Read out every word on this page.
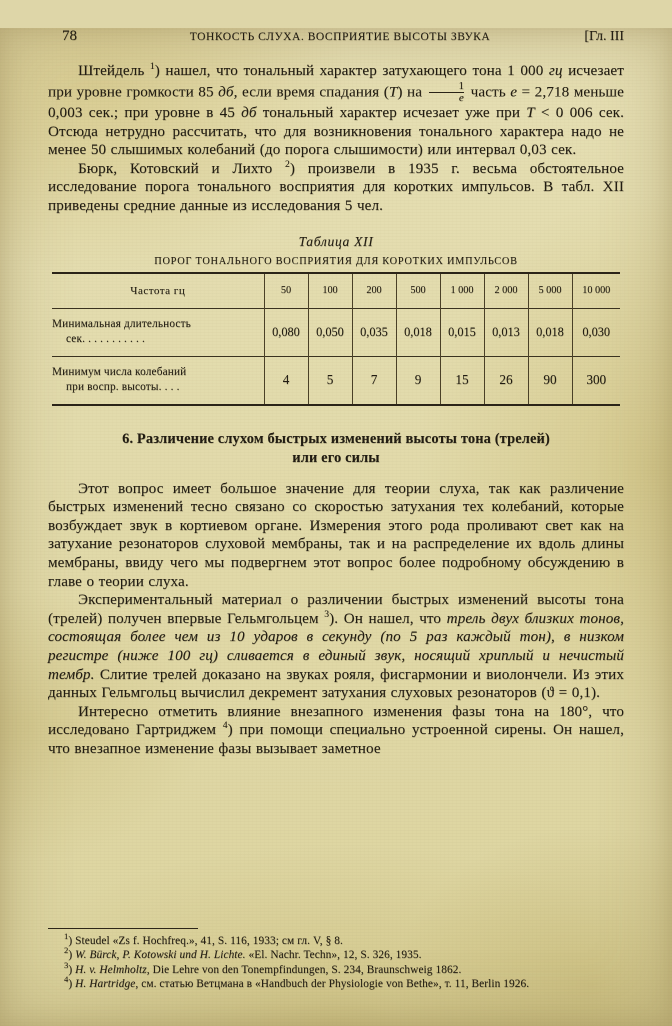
78	ТОНКОСТЬ СЛУХА. ВОСПРИЯТИЕ ВЫСОТЫ ЗВУКА	[Гл. III

Штейдель $^1$) нашел, что тональный характер затухающего тона 1 000 гц исчезает при уровне громкости 85 дб, если время спадания (Т) на $\frac{1}{e}$ часть e = 2,718 меньше 0,003 сек.; при уровне в 45 дб тональный характер исчезает уже при Т < 0 006 сек. Отсюда нетрудно рассчитать, что для возникновения тонального характера надо не менее 50 слышимых колебаний (до порога слышимости) или интервал 0,03 сек.

Бюрк, Котовский и Лихто $^2$) произвели в 1935 г. весьма обстоятельное исследование порога тонального восприятия для коротких импульсов. В табл. XII приведены средние данные из исследования 5 чел.

Таблица XII
ПОРОГ ТОНАЛЬНОГО ВОСПРИЯТИЯ ДЛЯ КОРОТКИХ ИМПУЛЬСОВ

Частота гц	50	100	200	500	1 000	2 000	5 000	10 000

Минимальная длительность
сек. . . . . . . . . . .	0,080	0,050	0,035	0,018	0,015	0,013	0,018	0,030

Минимум числа колебаний
при воспр. высоты. . . .	4	5	7	9	15	26	90	300

6. Различение слухом быстрых изменений высоты тона (трелей)
или его силы

Этот вопрос имеет большое значение для теории слуха, так как различение быстрых изменений тесно связано со скоростью затухания тех колебаний, которые возбуждает звук в кортиевом органе. Измерения этого рода проливают свет как на затухание резонаторов слуховой мембраны, так и на распределение их вдоль длины мембраны, ввиду чего мы подвергнем этот вопрос более подробному обсуждению в главе о теории слуха.

Экспериментальный материал о различении быстрых изменений высоты тона (трелей) получен впервые Гельмгольцем $^3$). Он нашел, что трель двух близких тонов, состоящая более чем из 10 ударов в секунду (по 5 раз каждый тон), в низком регистре (ниже 100 гц) сливается в единый звук, носящий хриплый и нечистый тембр. Слитие трелей доказано на звуках рояля, фисгармонии и виолончели. Из этих данных Гельмгольц вычислил декремент затухания слуховых резонаторов (ϑ = 0,1).

Интересно отметить влияние внезапного изменения фазы тона на 180°, что исследовано Гартриджем $^4$) при помощи специально устроенной сирены. Он нашел, что внезапное изменение фазы вызывает заметное

$^1$) Steudel «Zs f. Hochfreq.», 41, S. 116, 1933; см гл. V, § 8.

$^2$) W. Bürck, P. Kotowski und H. Lichte. «El. Nachr. Techn», 12, S. 326, 1935.

$^3$) H. v. Helmholtz, Die Lehre von den Tonempfindungen, S. 234, Braunschweig 1862.

$^4$) H. Hartridge, см. статью Ветцмана в «Handbuch der Physiologie von Bethe», т. 11, Berlin 1926.
